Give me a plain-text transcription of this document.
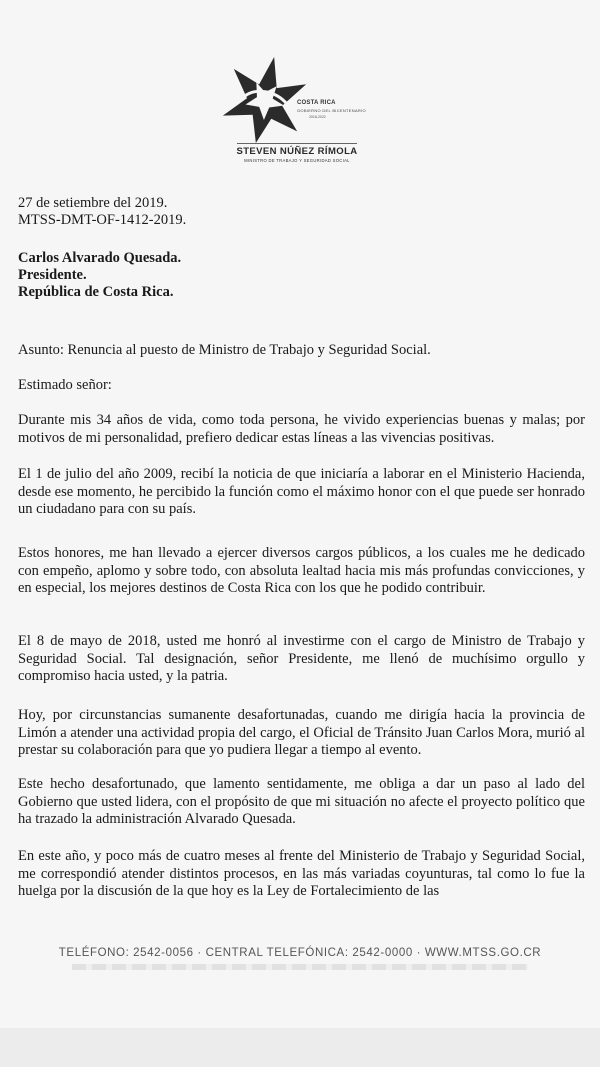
COSTA RICA
GOBIERNO DEL BICENTENARIO
2018-2022
STEVEN NÚÑEZ RÍMOLA
MINISTRO DE TRABAJO Y SEGURIDAD SOCIAL
27 de setiembre del 2019.
MTSS-DMT-OF-1412-2019.
Carlos Alvarado Quesada.
Presidente.
República de Costa Rica.
Asunto: Renuncia al puesto de Ministro de Trabajo y Seguridad Social.
Estimado señor:

Durante mis 34 años de vida, como toda persona, he vivido experiencias buenas y malas; por motivos de mi personalidad, prefiero dedicar estas líneas a las vivencias positivas.

El 1 de julio del año 2009, recibí la noticia de que iniciaría a laborar en el Ministerio Hacienda, desde ese momento, he percibido la función como el máximo honor con el que puede ser honrado un ciudadano para con su país.

Estos honores, me han llevado a ejercer diversos cargos públicos, a los cuales me he dedicado con empeño, aplomo y sobre todo, con absoluta lealtad hacia mis más profundas convicciones, y en especial, los mejores destinos de Costa Rica con los que he podido contribuir.

El 8 de mayo de 2018, usted me honró al investirme con el cargo de Ministro de Trabajo y Seguridad Social. Tal designación, señor Presidente, me llenó de muchísimo orgullo y compromiso hacia usted, y la patria.

Hoy, por circunstancias sumanente desafortunadas, cuando me dirigía hacia la provincia de Limón a atender una actividad propia del cargo, el Oficial de Tránsito Juan Carlos Mora, murió al prestar su colaboración para que yo pudiera llegar a tiempo al evento.

Este hecho desafortunado, que lamento sentidamente, me obliga a dar un paso al lado del Gobierno que usted lidera, con el propósito de que mi situación no afecte el proyecto político que ha trazado la administración Alvarado Quesada.

En este año, y poco más de cuatro meses al frente del Ministerio de Trabajo y Seguridad Social, me correspondió atender distintos procesos, en las más variadas coyunturas, tal como lo fue la huelga por la discusión de la que hoy es la Ley de Fortalecimiento de las

TELÉFONO: 2542-0056 · CENTRAL TELEFÓNICA: 2542-0000 · WWW.MTSS.GO.CR
